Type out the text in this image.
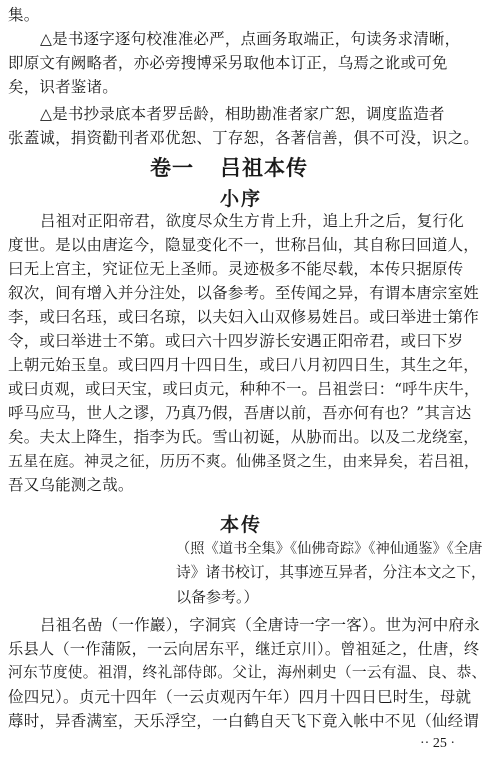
集。
△是书逐字逐句校准准必严，点画务取端正，句读务求清晰，
即原文有阙略者，亦必旁搜博采另取他本订正，乌焉之讹或可免
矣，识者鉴诸。
△是书抄录底本者罗岳龄，相助勘准者家广恕，调度监造者
张蓋诚，捐资勸刊者邓优恕、丁存恕，各著信善，俱不可没，识之。
卷一 吕祖本传
小序
吕祖对正阳帝君，欲度尽众生方肯上升，追上升之后，复行化
度世。是以由唐迄今，隐显变化不一，世称吕仙，其自称曰回道人，
曰无上宫主，究证位无上圣师。灵迹极多不能尽载，本传只据原传
叙次，间有增入并分注处，以备参考。至传闻之异，有谓本唐宗室姓
李，或曰名珏，或曰名琼，以夫妇入山双修易姓吕。或曰举进士第作
令，或曰举进士不第。或曰六十四岁游长安遇正阳帝君，或曰下岁
上朝元始玉皇。或曰四月十四日生，或曰八月初四日生，其生之年，
或曰贞观，或曰天宝，或曰贞元，种种不一。吕祖尝曰：“呼牛庆牛，
呼马应马，世人之谬，乃真乃假，吾唐以前，吾亦何有也？”其言达
矣。夫太上降生，指李为氏。雪山初诞，从胁而出。以及二龙绕室，
五星在庭。神灵之征，历历不爽。仙佛圣贤之生，由来异矣，若吕祖，
吾又乌能测之哉。
本传
（照《道书全集》《仙佛奇踪》《神仙通鉴》《全唐
诗》诸书校订，其事迹互异者，分注本文之下，
以备参考。）
吕祖名嵒（一作巖），字洞宾（全唐诗一字一客）。世为河中府永
乐县人（一作蒲阪，一云向居东平，继迁京川）。曾祖延之，仕唐，终
河东节度使。祖渭，终礼部侍郎。父让，海州刺史（一云有温、良、恭、
俭四兄）。贞元十四年（一云贞观丙午年）四月十四日巳时生，母就
蓐时，异香满室，天乐浮空，一白鹤自天飞下竟入帐中不见（仙经谓
·· 25 ·
